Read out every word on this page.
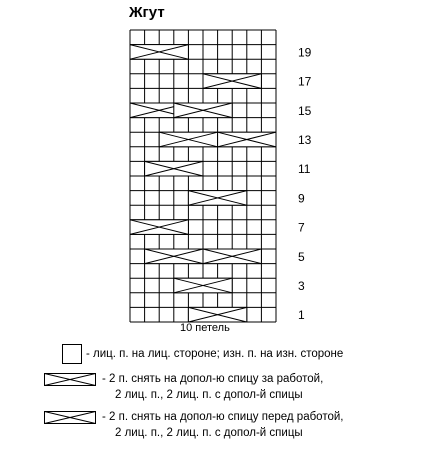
Жгут
1
3
5
7
9
11
13
15
17
19
10 петель
- лиц. п. на лиц. стороне; изн. п. на изн. стороне
- 2 п. снять на допол-ю спицу за работой,
2 лиц. п., 2 лиц. п. с допол-й спицы
- 2 п. снять на допол-ю спицу перед работой,
2 лиц. п., 2 лиц. п. с допол-й спицы
